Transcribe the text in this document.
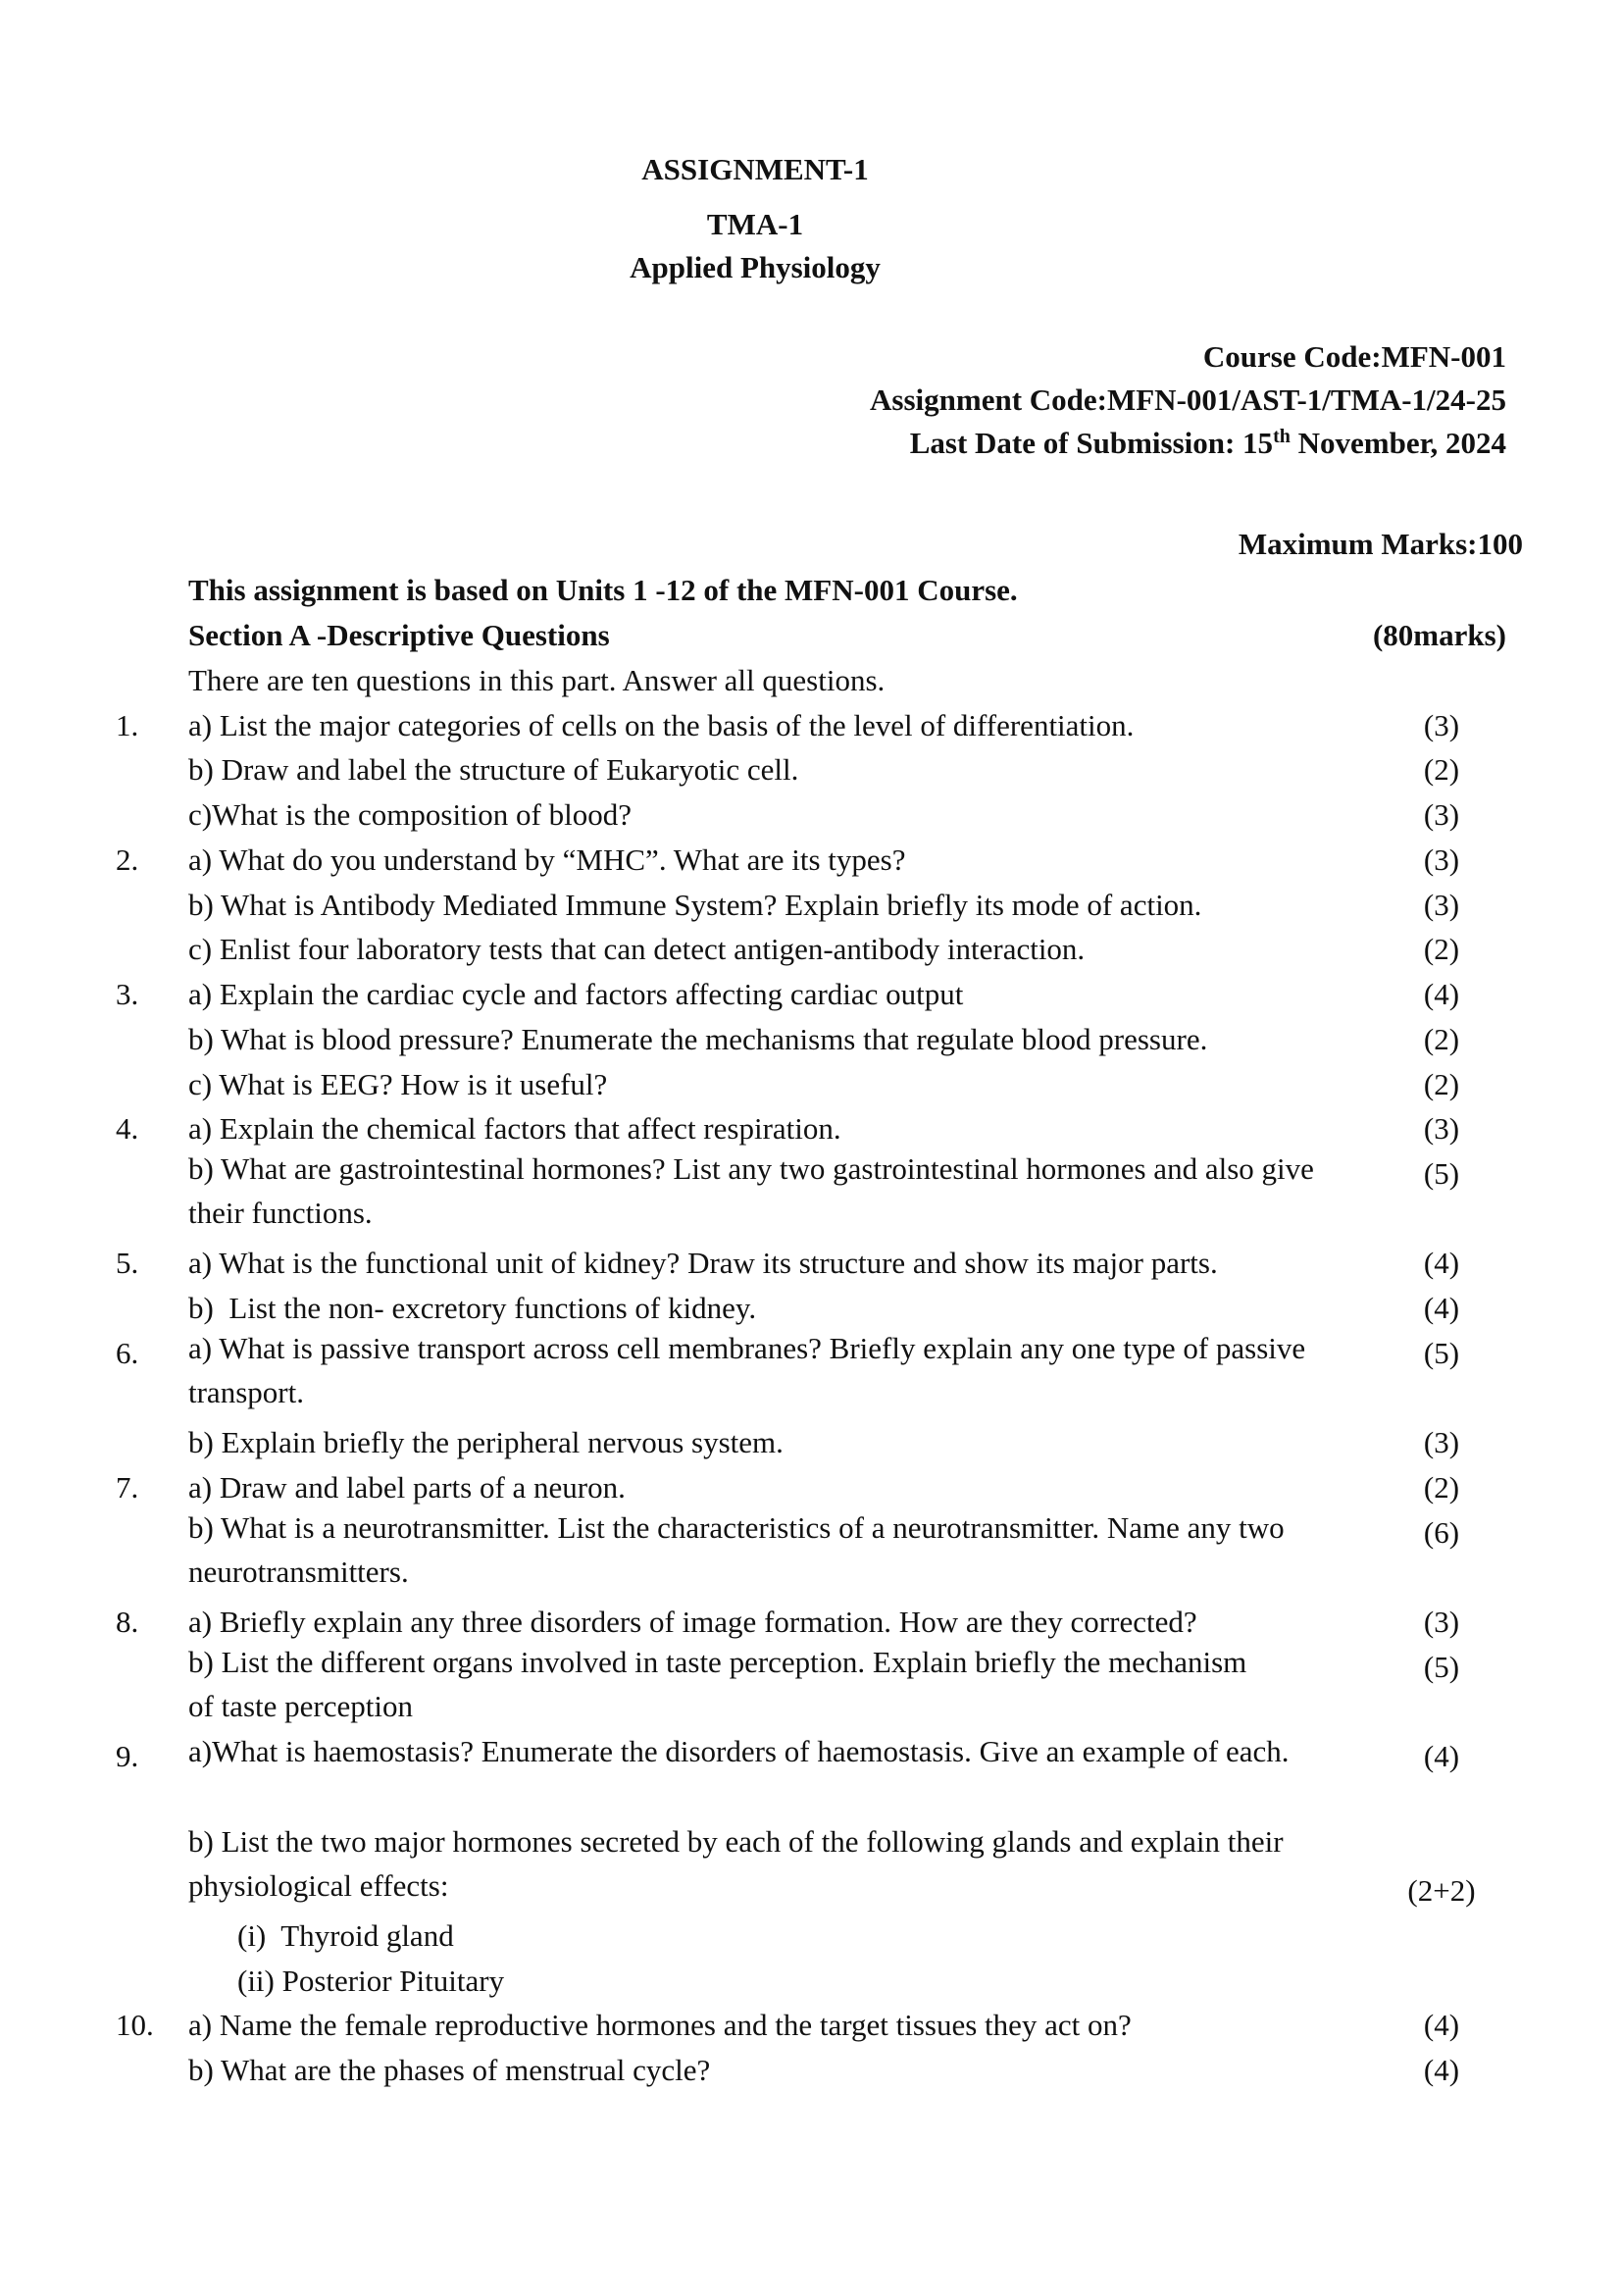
ASSIGNMENT-1
TMA-1
Applied Physiology
Course Code:MFN-001
Assignment Code:MFN-001/AST-1/TMA-1/24-25
Last Date of Submission: 15th November, 2024
Maximum Marks:100
This assignment is based on Units 1 -12 of the MFN-001 Course.
Section A -Descriptive Questions	(80marks)
There are ten questions in this part. Answer all questions.
1.	a) List the major categories of cells on the basis of the level of differentiation.	(3)
b) Draw and label the structure of Eukaryotic cell.	(2)
c)What is the composition of blood?	(3)
2.	a) What do you understand by “MHC”. What are its types?	(3)
b) What is Antibody Mediated Immune System? Explain briefly its mode of action.	(3)
c) Enlist four laboratory tests that can detect antigen-antibody interaction.	(2)
3.	a) Explain the cardiac cycle and factors affecting cardiac output	(4)
b) What is blood pressure? Enumerate the mechanisms that regulate blood pressure.	(2)
c) What is EEG? How is it useful?	(2)
4.	a) Explain the chemical factors that affect respiration.	(3)
b) What are gastrointestinal hormones? List any two gastrointestinal hormones and also give their functions.
(5)
5.	a) What is the functional unit of kidney? Draw its structure and show its major parts.	(4)
b)  List the non- excretory functions of kidney.	(4)
6.	a) What is passive transport across cell membranes? Briefly explain any one type of passive transport.
(5)
b) Explain briefly the peripheral nervous system.	(3)
7.	a) Draw and label parts of a neuron.	(2)
b) What is a neurotransmitter. List the characteristics of a neurotransmitter. Name any two neurotransmitters.
(6)
8.	a) Briefly explain any three disorders of image formation. How are they corrected?	(3)
b) List the different organs involved in taste perception. Explain briefly the mechanism of taste perception
(5)
9.	a)What is haemostasis? Enumerate the disorders of haemostasis. Give an example of each.	(4)
b) List the two major hormones secreted by each of the following glands and explain their physiological effects:	(2+2)
(i)  Thyroid gland
(ii) Posterior Pituitary
10.	a) Name the female reproductive hormones and the target tissues they act on?	(4)
b) What are the phases of menstrual cycle?	(4)
